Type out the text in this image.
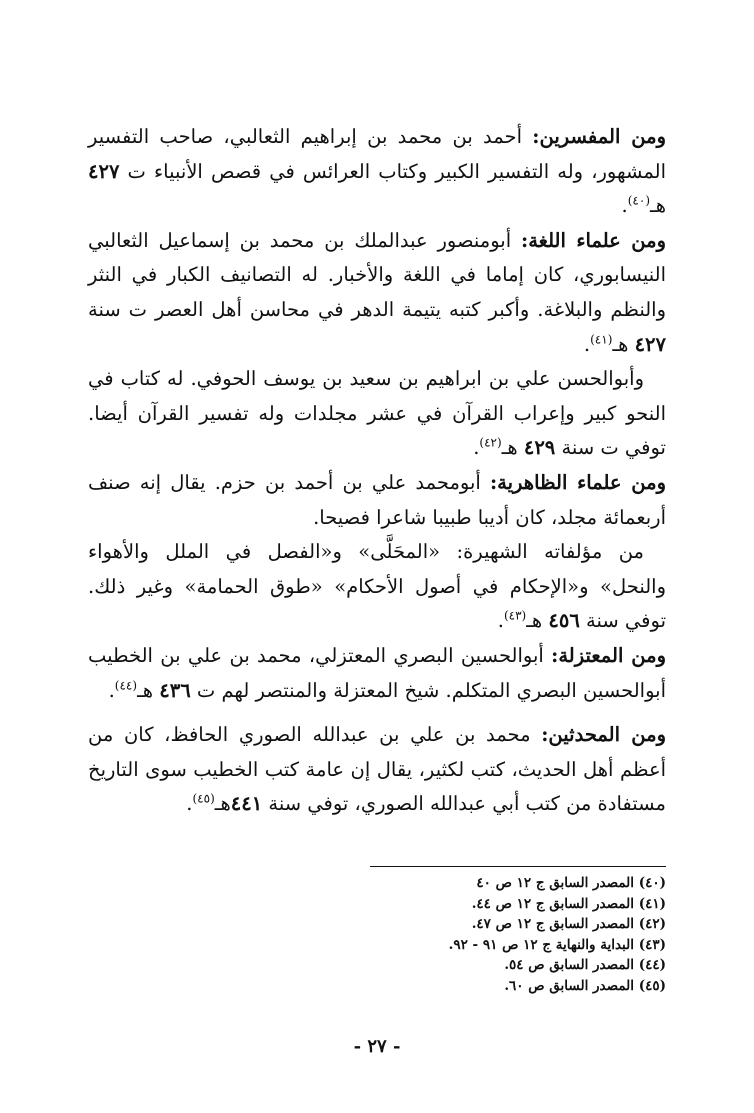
ومن المفسرين: أحمد بن محمد بن إبراهيم الثعالبي، صاحب التفسير المشهور، وله التفسير الكبير وكتاب العرائس في قصص الأنبياء ت ٤٢٧ هـ$^{(٤٠)}$.

ومن علماء اللغة: أبومنصور عبدالملك بن محمد بن إسماعيل الثعالبي النيسابوري، كان إماما في اللغة والأخبار. له التصانيف الكبار في النثر والنظم والبلاغة. وأكبر كتبه يتيمة الدهر في محاسن أهل العصر ت سنة ٤٢٧ هـ$^{(٤١)}$.

وأبوالحسن علي بن ابراهيم بن سعيد بن يوسف الحوفي. له كتاب في النحو كبير وإعراب القرآن في عشر مجلدات وله تفسير القرآن أيضا. توفي ت سنة ٤٢٩ هـ$^{(٤٢)}$.

ومن علماء الظاهرية: أبومحمد علي بن أحمد بن حزم. يقال إنه صنف أربعمائة مجلد، كان أديبا طبيبا شاعرا فصيحا.

من مؤلفاته الشهيرة: «المحَلَّى» و«الفصل في الملل والأهواء والنحل» و«الإحكام في أصول الأحكام» «طوق الحمامة» وغير ذلك. توفي سنة ٤٥٦ هـ$^{(٤٣)}$.

ومن المعتزلة: أبوالحسين البصري المعتزلي، محمد بن علي بن الخطيب أبوالحسين البصري المتكلم. شيخ المعتزلة والمنتصر لهم ت ٤٣٦ هـ$^{(٤٤)}$.

ومن المحدثين: محمد بن علي بن عبدالله الصوري الحافظ، كان من أعظم أهل الحديث، كتب لكثير، يقال إن عامة كتب الخطيب سوى التاريخ مستفادة من كتب أبي عبدالله الصوري، توفي سنة ٤٤١هـ$^{(٤٥)}$.

(٤٠) المصدر السابق ج ١٢ ص ٤٠

(٤١) المصدر السابق ج ١٢ ص ٤٤.

(٤٢) المصدر السابق ج ١٢ ص ٤٧.

(٤٣) البداية والنهاية ج ١٢ ص ٩١ - ٩٢.

(٤٤) المصدر السابق ص ٥٤.

(٤٥) المصدر السابق ص ٦٠.

- ٢٧ -
